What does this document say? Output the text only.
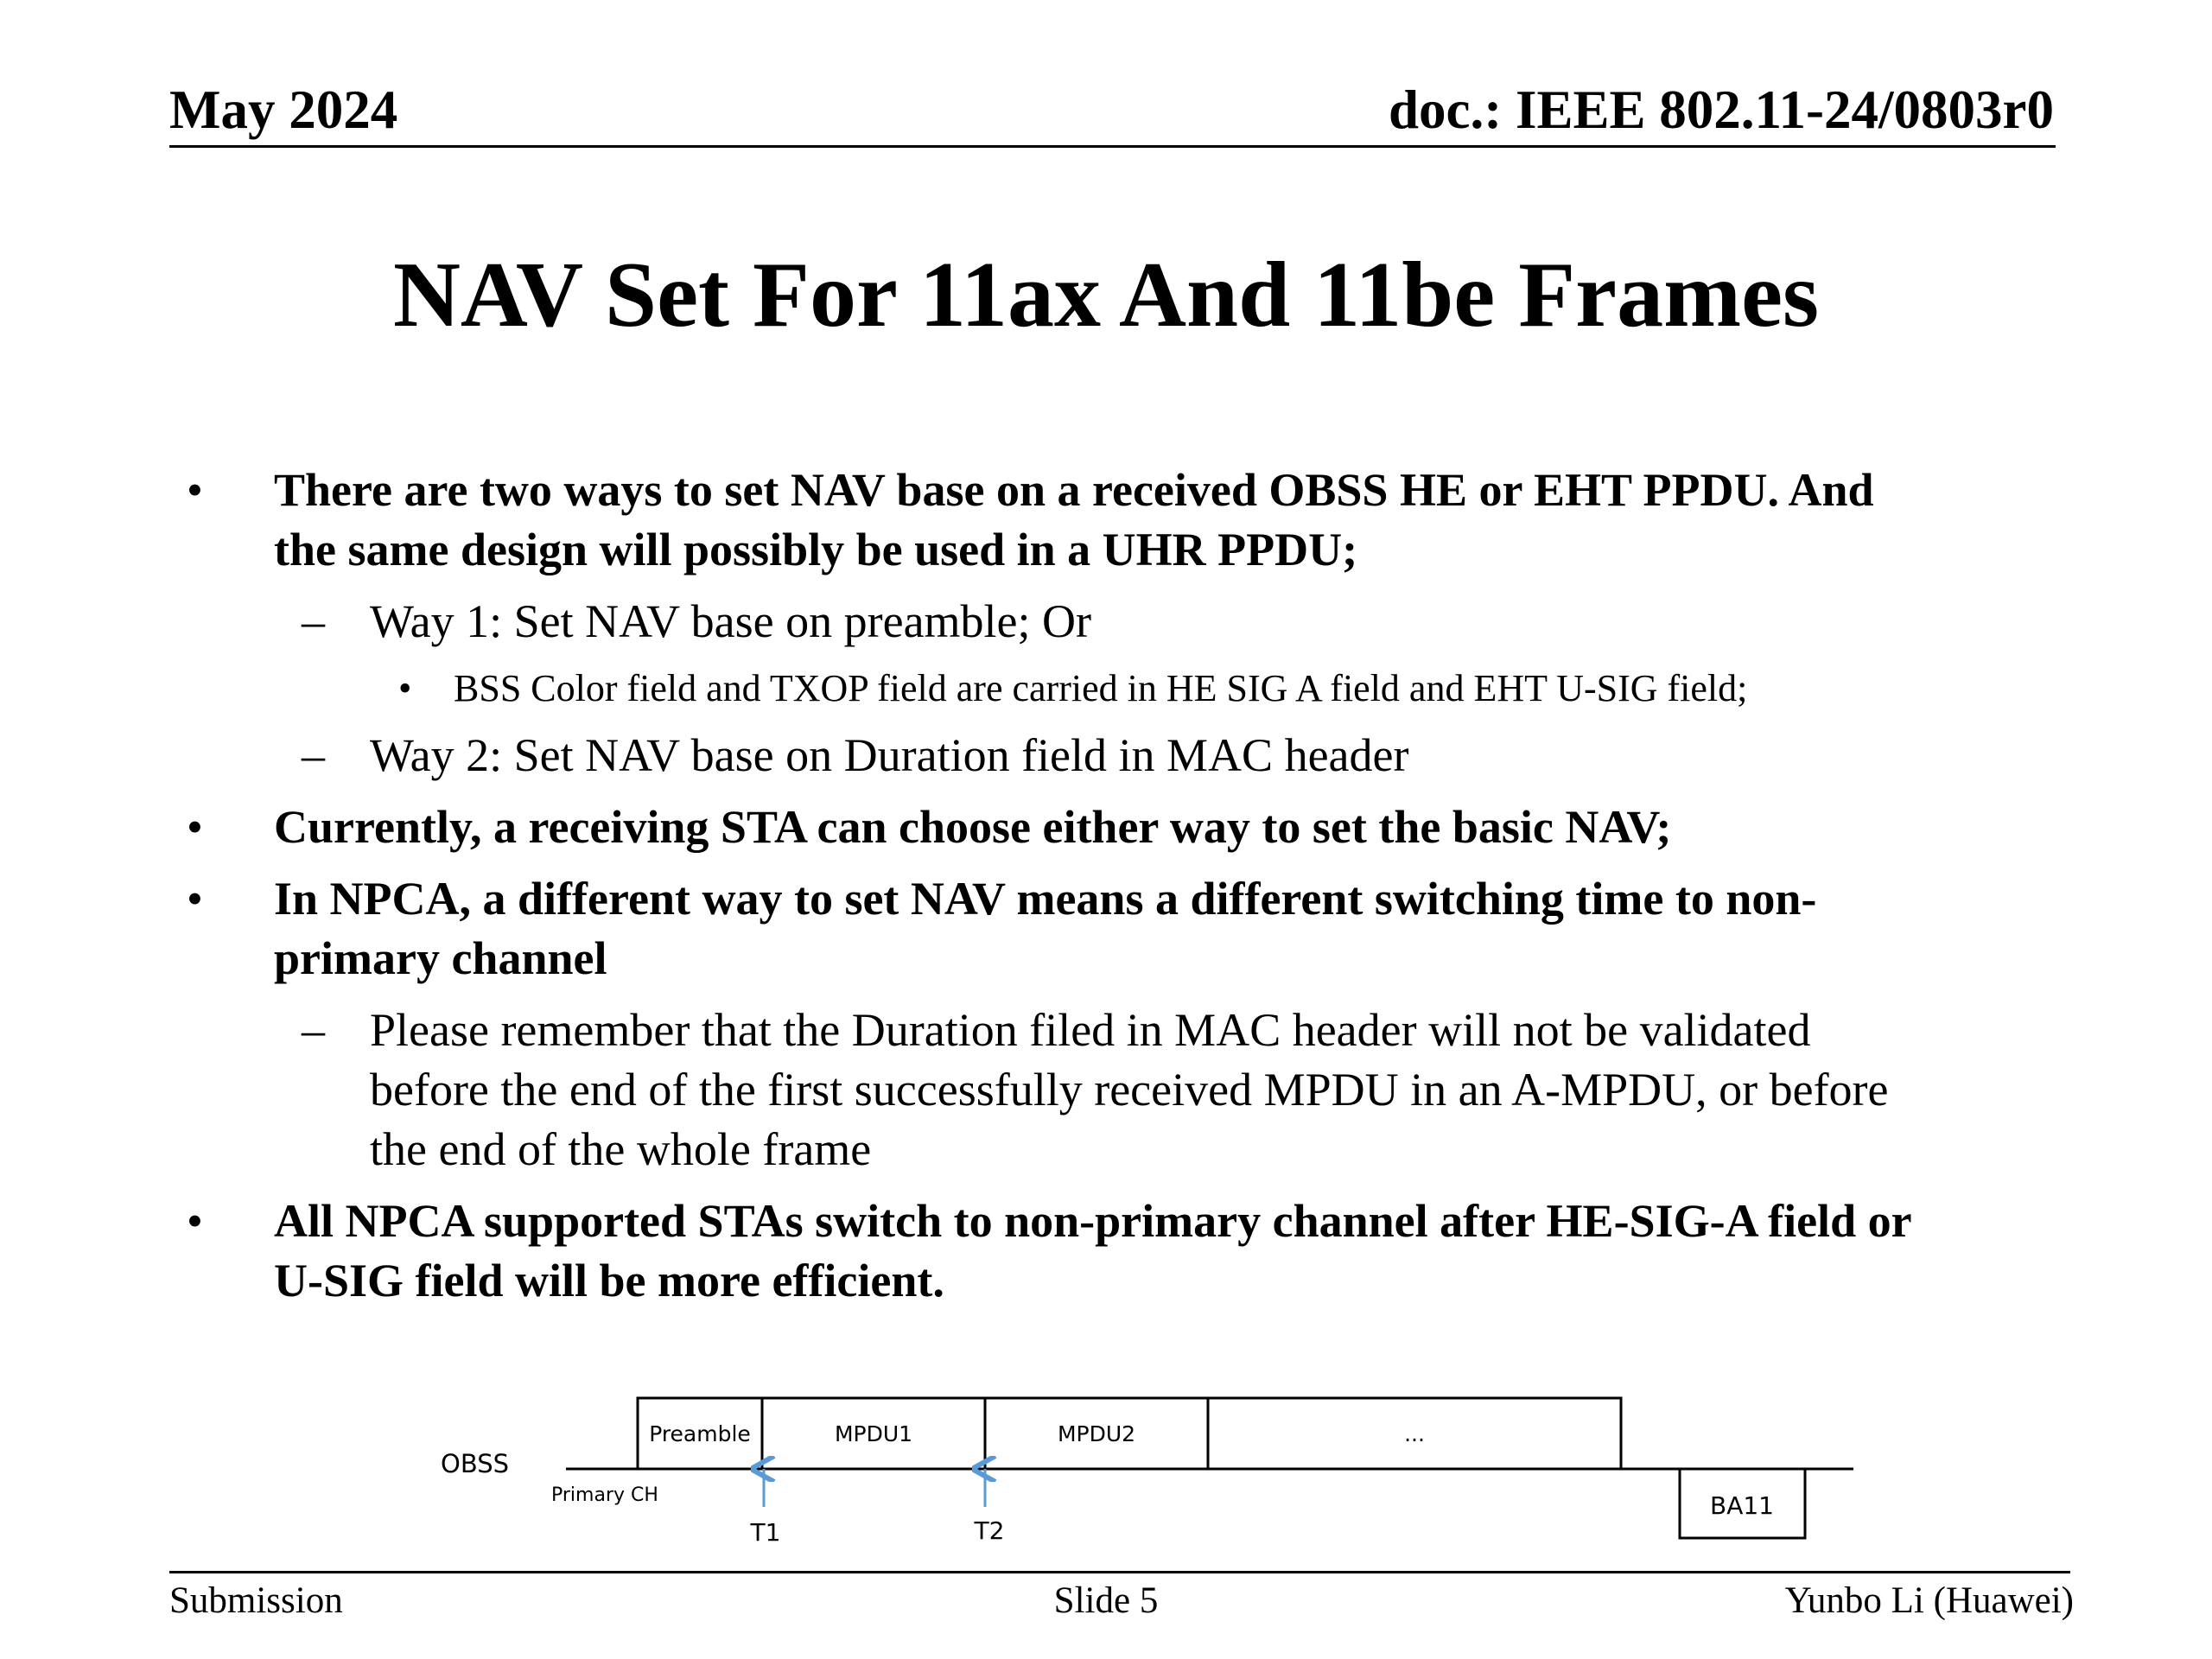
May 2024	doc.: IEEE 802.11-24/0803r0
NAV Set For 11ax And 11be Frames
• There are two ways to set NAV base on a received OBSS HE or EHT PPDU. And
the same design will possibly be used in a UHR PPDU;
– Way 1: Set NAV base on preamble; Or
• BSS Color field and TXOP field are carried in HE SIG A field and EHT U-SIG field;
– Way 2: Set NAV base on Duration field in MAC header
• Currently, a receiving STA can choose either way to set the basic NAV;
• In NPCA, a different way to set NAV means a different switching time to non-
primary channel
– Please remember that the Duration filed in MAC header will not be validated
before the end of the first successfully received MPDU in an A-MPDU, or before
the end of the whole frame
• All NPCA supported STAs switch to non-primary channel after HE-SIG-A field or
U-SIG field will be more efficient.
Preamble	MPDU1	MPDU2	...
BA11
OBSS
Primary CH
T1	T2
Submission	Slide 5	Yunbo Li (Huawei)
